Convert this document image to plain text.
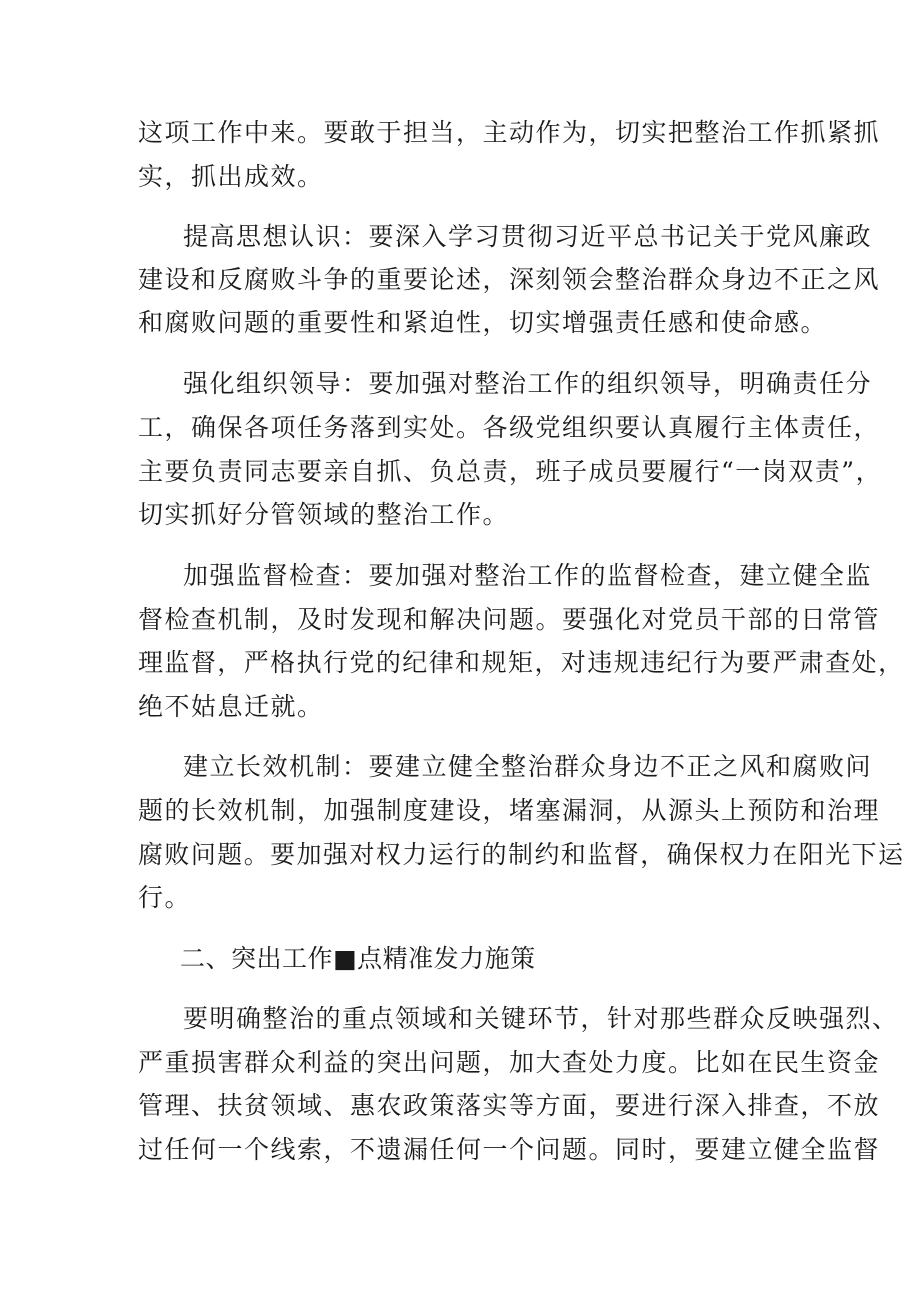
这项工作中来。要敢于担当，主动作为，切实把整治工作抓紧抓
实，抓出成效。
提高思想认识：要深入学习贯彻习近平总书记关于党风廉政
建设和反腐败斗争的重要论述，深刻领会整治群众身边不正之风
和腐败问题的重要性和紧迫性，切实增强责任感和使命感。
强化组织领导：要加强对整治工作的组织领导，明确责任分
工，确保各项任务落到实处。各级党组织要认真履行主体责任，
主要负责同志要亲自抓、负总责，班子成员要履行“一岗双责”，
切实抓好分管领域的整治工作。
加强监督检查：要加强对整治工作的监督检查，建立健全监
督检查机制，及时发现和解决问题。要强化对党员干部的日常管
理监督，严格执行党的纪律和规矩，对违规违纪行为要严肃查处，
绝不姑息迁就。
建立长效机制：要建立健全整治群众身边不正之风和腐败问
题的长效机制，加强制度建设，堵塞漏洞，从源头上预防和治理
腐败问题。要加强对权力运行的制约和监督，确保权力在阳光下运
行。
二、突出工作■点精准发力施策
要明确整治的重点领域和关键环节，针对那些群众反映强烈、
严重损害群众利益的突出问题，加大查处力度。比如在民生资金
管理、扶贫领域、惠农政策落实等方面，要进行深入排查，不放
过任何一个线索，不遗漏任何一个问题。同时，要建立健全监督
